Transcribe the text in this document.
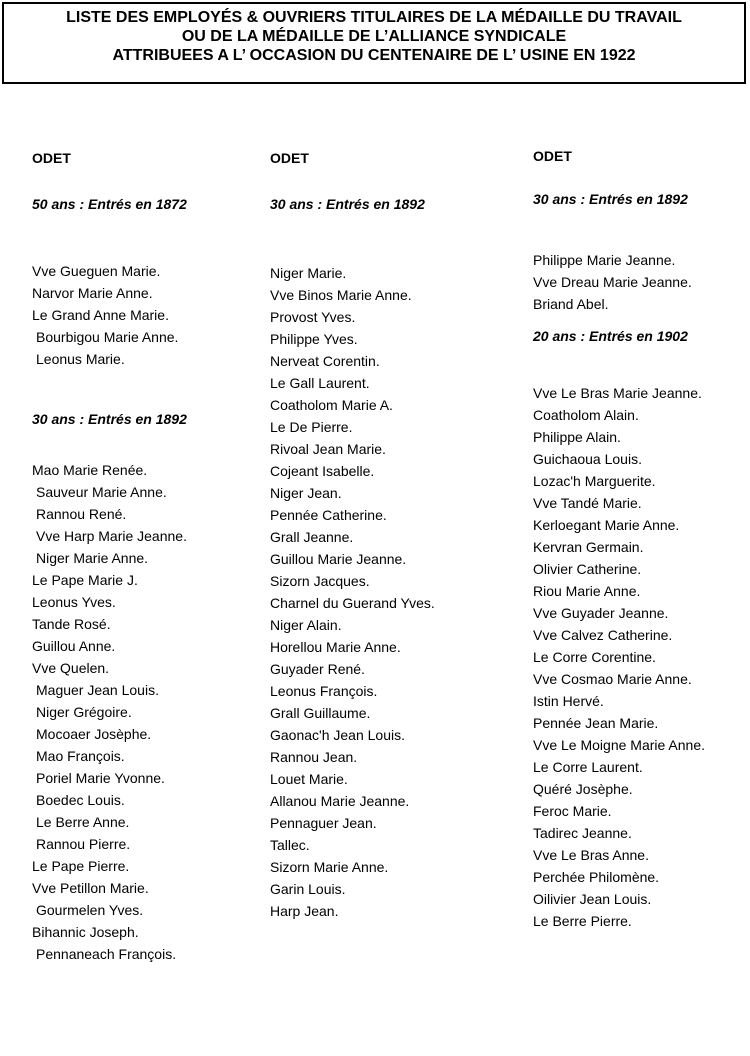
LISTE DES EMPLOYÉS & OUVRIERS TITULAIRES DE LA MÉDAILLE DU TRAVAIL
OU DE LA MÉDAILLE DE L’ALLIANCE SYNDICALE
ATTRIBUEES A L’ OCCASION DU CENTENAIRE DE L’ USINE EN 1922
ODET
50 ans : Entrés en 1872
Vve Gueguen Marie.
Narvor Marie Anne.
Le Grand Anne Marie.
Bourbigou Marie Anne.
Leonus Marie.
30 ans : Entrés en 1892
Mao Marie Renée.
Sauveur Marie Anne.
Rannou René.
Vve Harp Marie Jeanne.
Niger Marie Anne.
Le Pape Marie J.
Leonus Yves.
Tande Rosé.
Guillou Anne.
Vve Quelen.
Maguer Jean Louis.
Niger Grégoire.
Mocoaer Josèphe.
Mao François.
Poriel Marie Yvonne.
Boedec Louis.
Le Berre Anne.
Rannou Pierre.
Le Pape Pierre.
Vve Petillon Marie.
Gourmelen Yves.
Bihannic Joseph.
Pennaneach François.
ODET
30 ans : Entrés en 1892
Niger Marie.
Vve Binos Marie Anne.
Provost Yves.
Philippe Yves.
Nerveat Corentin.
Le Gall Laurent.
Coatholom Marie A.
Le De Pierre.
Rivoal Jean Marie.
Cojeant Isabelle.
Niger Jean.
Pennée Catherine.
Grall Jeanne.
Guillou Marie Jeanne.
Sizorn Jacques.
Charnel du Guerand Yves.
Niger Alain.
Horellou Marie Anne.
Guyader René.
Leonus François.
Grall Guillaume.
Gaonac'h Jean Louis.
Rannou Jean.
Louet Marie.
Allanou Marie Jeanne.
Pennaguer Jean.
Tallec.
Sizorn Marie Anne.
Garin Louis.
Harp Jean.
ODET
30 ans : Entrés en 1892
Philippe Marie Jeanne.
Vve Dreau Marie Jeanne.
Briand Abel.
20 ans : Entrés en 1902
Vve Le Bras Marie Jeanne.
Coatholom Alain.
Philippe Alain.
Guichaoua Louis.
Lozac'h Marguerite.
Vve Tandé Marie.
Kerloegant Marie Anne.
Kervran Germain.
Olivier Catherine.
Riou Marie Anne.
Vve Guyader Jeanne.
Vve Calvez Catherine.
Le Corre Corentine.
Vve Cosmao Marie Anne.
Istin Hervé.
Pennée Jean Marie.
Vve Le Moigne Marie Anne.
Le Corre Laurent.
Quéré Josèphe.
Feroc Marie.
Tadirec Jeanne.
Vve Le Bras Anne.
Perchée Philomène.
Oilivier Jean Louis.
Le Berre Pierre.
